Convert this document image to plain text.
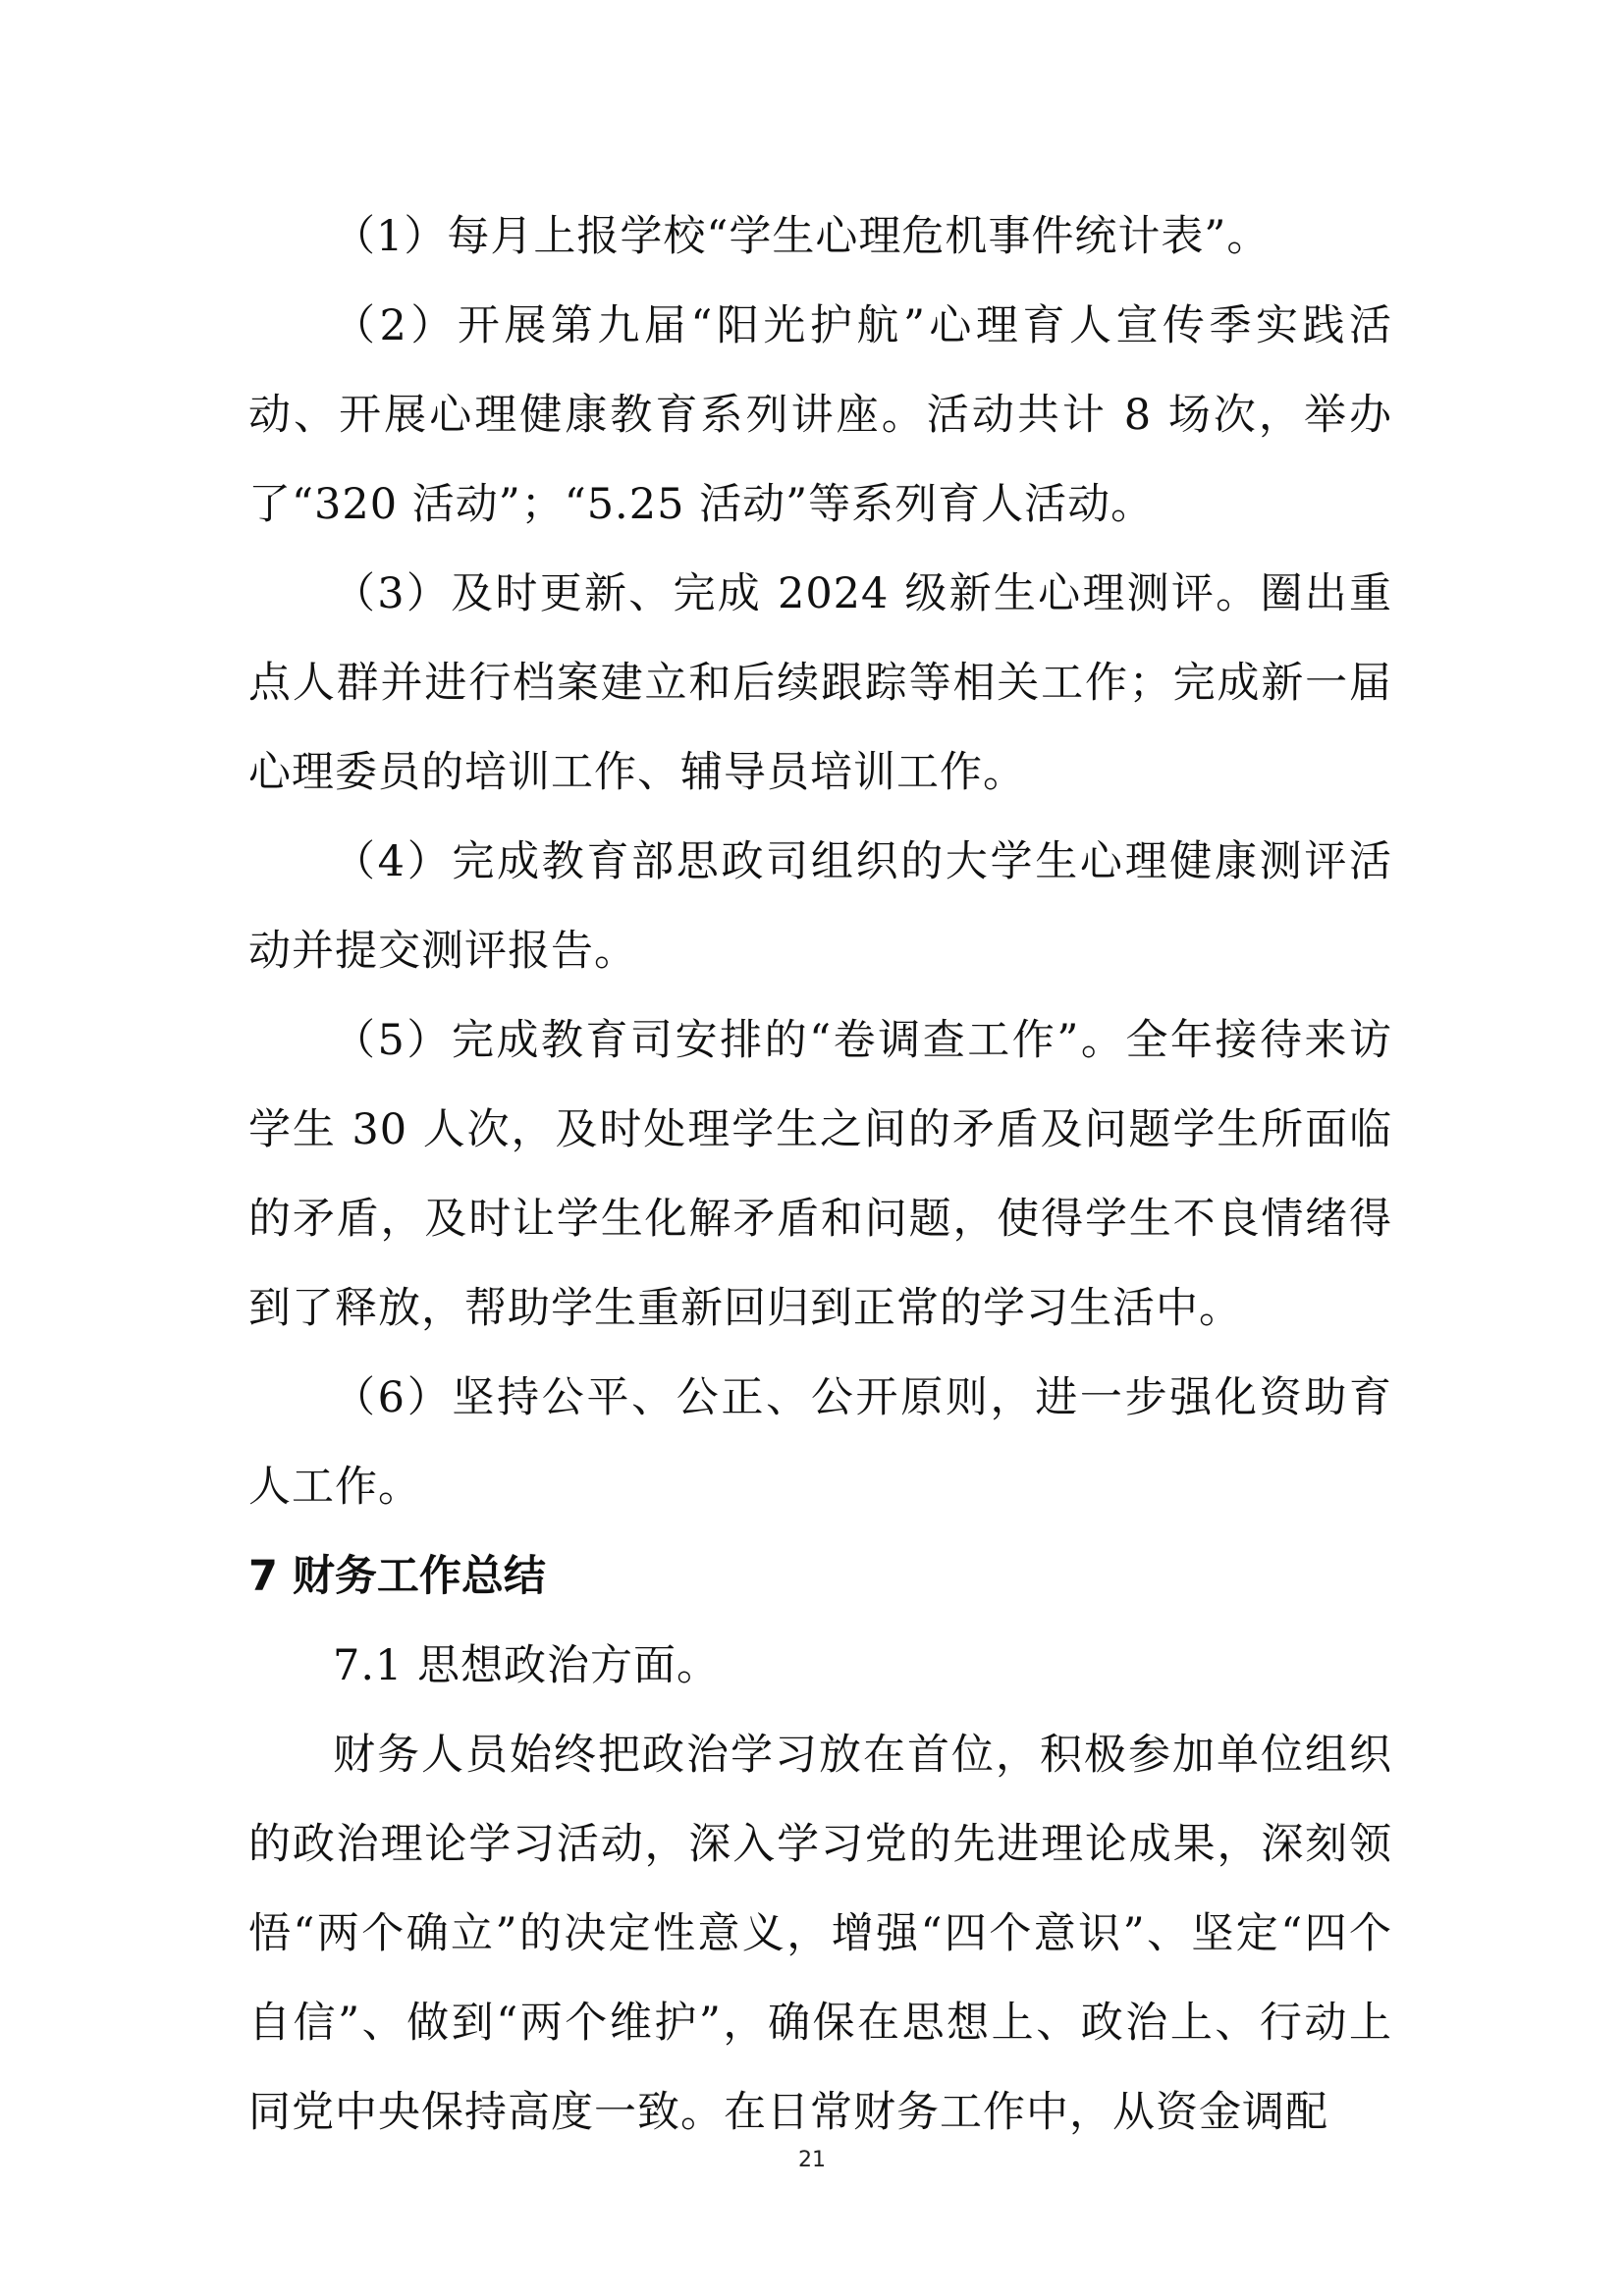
（1）每月上报学校“学生心理危机事件统计表”。

（2）开展第九届“阳光护航”心理育人宣传季实践活动、开展心理健康教育系列讲座。活动共计 8 场次，举办了“320 活动”；“5.25 活动”等系列育人活动。

（3）及时更新、完成 2024 级新生心理测评。圈出重点人群并进行档案建立和后续跟踪等相关工作；完成新一届心理委员的培训工作、辅导员培训工作。

（4）完成教育部思政司组织的大学生心理健康测评活动并提交测评报告。

（5）完成教育司安排的“卷调查工作”。全年接待来访学生 30 人次，及时处理学生之间的矛盾及问题学生所面临的矛盾，及时让学生化解矛盾和问题，使得学生不良情绪得到了释放，帮助学生重新回归到正常的学习生活中。

（6）坚持公平、公正、公开原则，进一步强化资助育人工作。

7 财务工作总结

7.1 思想政治方面。

财务人员始终把政治学习放在首位，积极参加单位组织的政治理论学习活动，深入学习党的先进理论成果，深刻领悟“两个确立”的决定性意义，增强“四个意识”、坚定“四个自信”、做到“两个维护”，确保在思想上、政治上、行动上同党中央保持高度一致。在日常财务工作中，从资金调配

21
